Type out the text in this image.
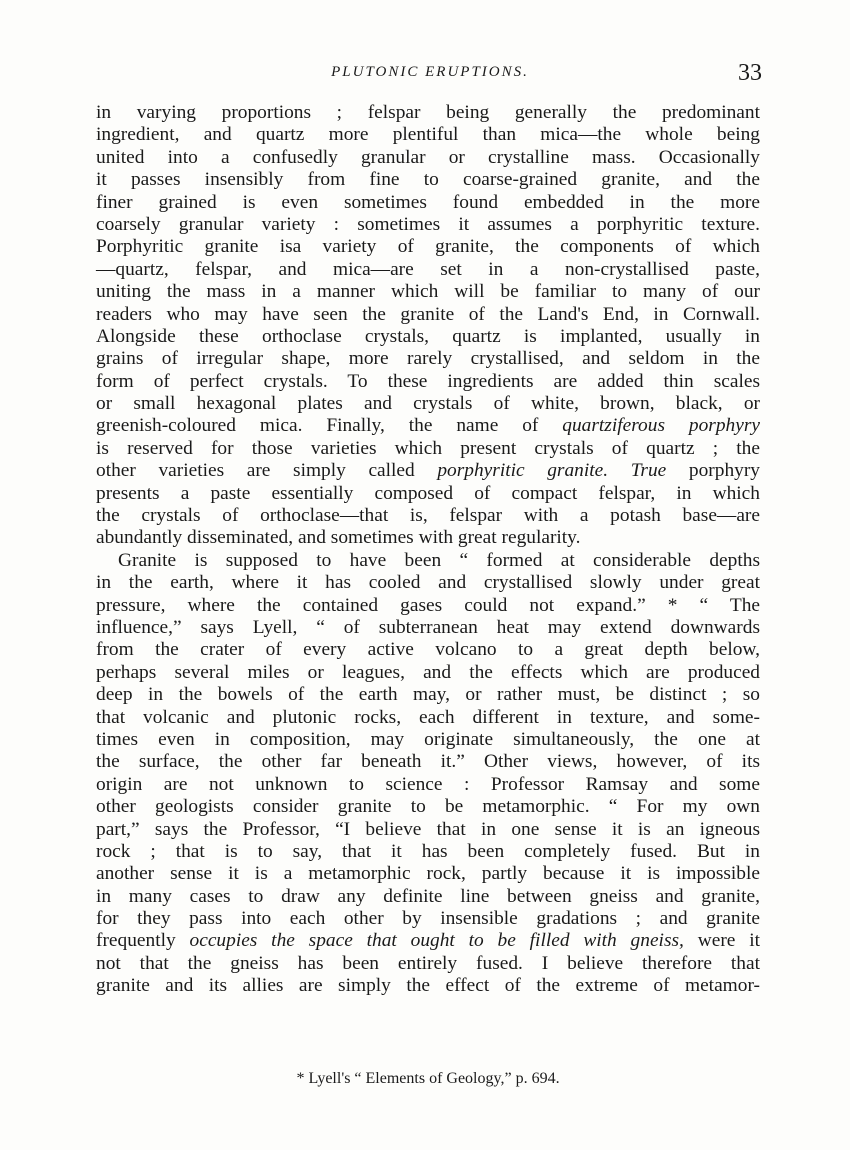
PLUTONIC ERUPTIONS.	33
in varying proportions ; felspar being generally the predominant
ingredient, and quartz more plentiful than mica—the whole being
united into a confusedly granular or crystalline mass. Occasionally
it passes insensibly from fine to coarse-grained granite, and the
finer grained is even sometimes found embedded in the more
coarsely granular variety : sometimes it assumes a porphyritic texture.
Porphyritic granite isa variety of granite, the components of which
—quartz, felspar, and mica—are set in a non-crystallised paste,
uniting the mass in a manner which will be familiar to many of our
readers who may have seen the granite of the Land's End, in Cornwall.
Alongside these orthoclase crystals, quartz is implanted, usually in
grains of irregular shape, more rarely crystallised, and seldom in the
form of perfect crystals. To these ingredients are added thin scales
or small hexagonal plates and crystals of white, brown, black, or
greenish-coloured mica. Finally, the name of quartziferous porphyry
is reserved for those varieties which present crystals of quartz ; the
other varieties are simply called porphyritic granite. True porphyry
presents a paste essentially composed of compact felspar, in which
the crystals of orthoclase—that is, felspar with a potash base—are
abundantly disseminated, and sometimes with great regularity.
Granite is supposed to have been “ formed at considerable depths
in the earth, where it has cooled and crystallised slowly under great
pressure, where the contained gases could not expand.” * “ The
influence,” says Lyell, “ of subterranean heat may extend downwards
from the crater of every active volcano to a great depth below,
perhaps several miles or leagues, and the effects which are produced
deep in the bowels of the earth may, or rather must, be distinct ; so
that volcanic and plutonic rocks, each different in texture, and some-
times even in composition, may originate simultaneously, the one at
the surface, the other far beneath it.” Other views, however, of its
origin are not unknown to science : Professor Ramsay and some
other geologists consider granite to be metamorphic. “ For my own
part,” says the Professor, “I believe that in one sense it is an igneous
rock ; that is to say, that it has been completely fused. But in
another sense it is a metamorphic rock, partly because it is impossible
in many cases to draw any definite line between gneiss and granite,
for they pass into each other by insensible gradations ; and granite
frequently occupies the space that ought to be filled with gneiss, were it
not that the gneiss has been entirely fused. I believe therefore that
granite and its allies are simply the effect of the extreme of metamor-
* Lyell's “ Elements of Geology,” p. 694.
